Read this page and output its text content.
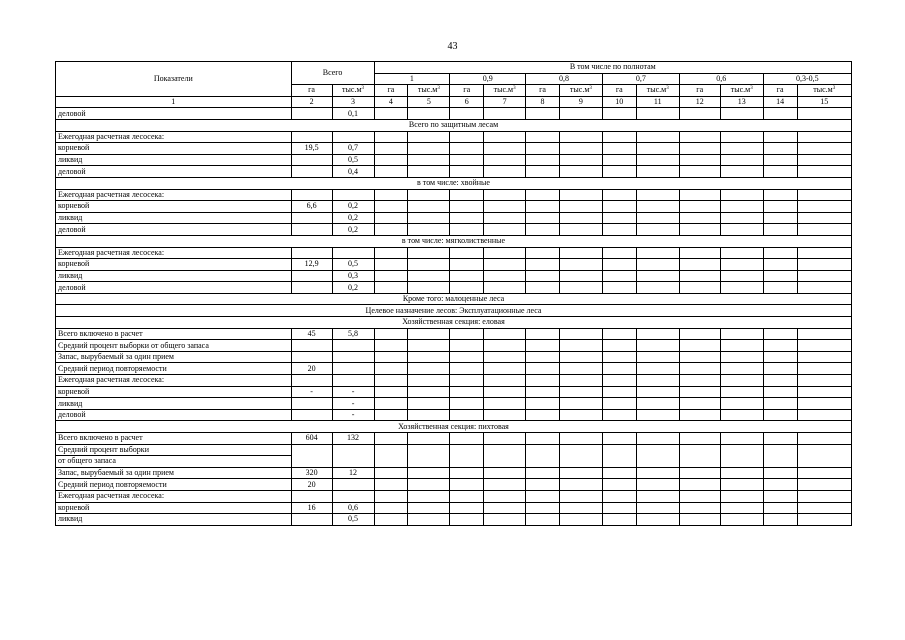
43
Показатели	Всего		В том числе по полнотам											
			1		0,9		0,8		0,7		0,6		0,3-0,5	
	га	$тыс.м^3$	га	$тыс.м^3$	га	$тыс.м^3$	га	$тыс.м^3$	га	$тыс.м^3$	га	$тыс.м^3$	га	$тыс.м^3$
1	2	3	4	5	6	7	8	9	10	11	12	13	14	15
деловой		0,1												
Всего по защитным лесам														
Ежегодная расчетная лесосека:														
корневой	19,5	0,7												
ликвид		0,5												
деловой		0,4												
в том числе: хвойные														
Ежегодная расчетная лесосека:														
корневой	6,6	0,2												
ликвид		0,2												
деловой		0,2												
в том числе: мягколиственные														
Ежегодная расчетная лесосека:														
корневой	12,9	0,5												
ликвид		0,3												
деловой		0,2												
Кроме того: малоценные леса														
Целевое назначение лесов: Эксплуатационные леса														
Хозяйственная секция: еловая														
Всего включено в расчет	45	5,8												
Средний процент выборки от общего запаса														
Запас, вырубаемый за один прием														
Средний период повторяемости	20													
Ежегодная расчетная лесосека:														
корневой	-	-												
ликвид		-												
деловой		-												
Хозяйственная секция: пихтовая														
Всего включено в расчет	604	132												
Средний процент выборки														
от общего запаса														
Запас, вырубаемый за один прием	320	12												
Средний период повторяемости	20													
Ежегодная расчетная лесосека:														
корневой	16	0,6												
ликвид		0,5												
